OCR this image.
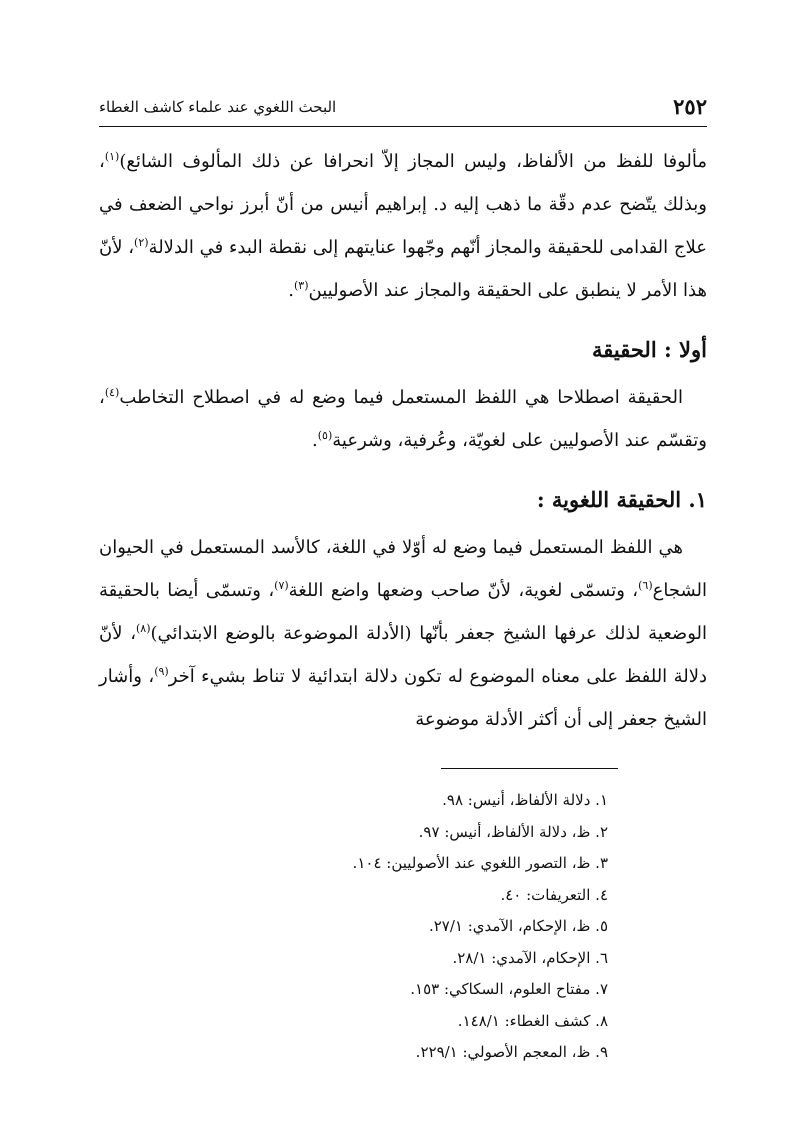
٢٥٢
البحث اللغوي عند علماء كاشف الغطاء

مألوفا للفظ من الألفاظ، وليس المجاز إلاّ انحرافا عن ذلك المألوف الشائع)$^{(١)}$، وبذلك يتّضح عدم دقّة ما ذهب إليه د. إبراهيم أنيس من أنّ أبرز نواحي الضعف في علاج القدامى للحقيقة والمجاز أنّهم وجّهوا عنايتهم إلى نقطة البدء في الدلالة$^{(٢)}$، لأنّ هذا الأمر لا ينطبق على الحقيقة والمجاز عند الأصوليين$^{(٣)}$.

أولا : الحقيقة

الحقيقة اصطلاحا هي اللفظ المستعمل فيما وضع له في اصطلاح التخاطب$^{(٤)}$، وتقسّم عند الأصوليين على لغويّة، وعُرفية، وشرعية$^{(٥)}$.

١. الحقيقة اللغوية :

هي اللفظ المستعمل فيما وضع له أوّلا في اللغة، كالأسد المستعمل في الحيوان الشجاع$^{(٦)}$، وتسمّى لغوية، لأنّ صاحب وضعها واضع اللغة$^{(٧)}$، وتسمّى أيضا بالحقيقة الوضعية لذلك عرفها الشيخ جعفر بأنّها (الأدلة الموضوعة بالوضع الابتدائي)$^{(٨)}$، لأنّ دلالة اللفظ على معناه الموضوع له تكون دلالة ابتدائية لا تناط بشيء آخر$^{(٩)}$، وأشار الشيخ جعفر إلى أن أكثر الأدلة موضوعة

١. دلالة الألفاظ، أنيس: ٩٨.
٢. ظ، دلالة الألفاظ، أنيس: ٩٧.
٣. ظ، التصور اللغوي عند الأصوليين: ١٠٤.
٤. التعريفات: ٤٠.
٥. ظ، الإحكام، الآمدي: ٢٧/١.
٦. الإحكام، الآمدي: ٢٨/١.
٧. مفتاح العلوم، السكاكي: ١٥٣.
٨. كشف الغطاء: ١٤٨/١.
٩. ظ، المعجم الأصولي: ٢٢٩/١.
